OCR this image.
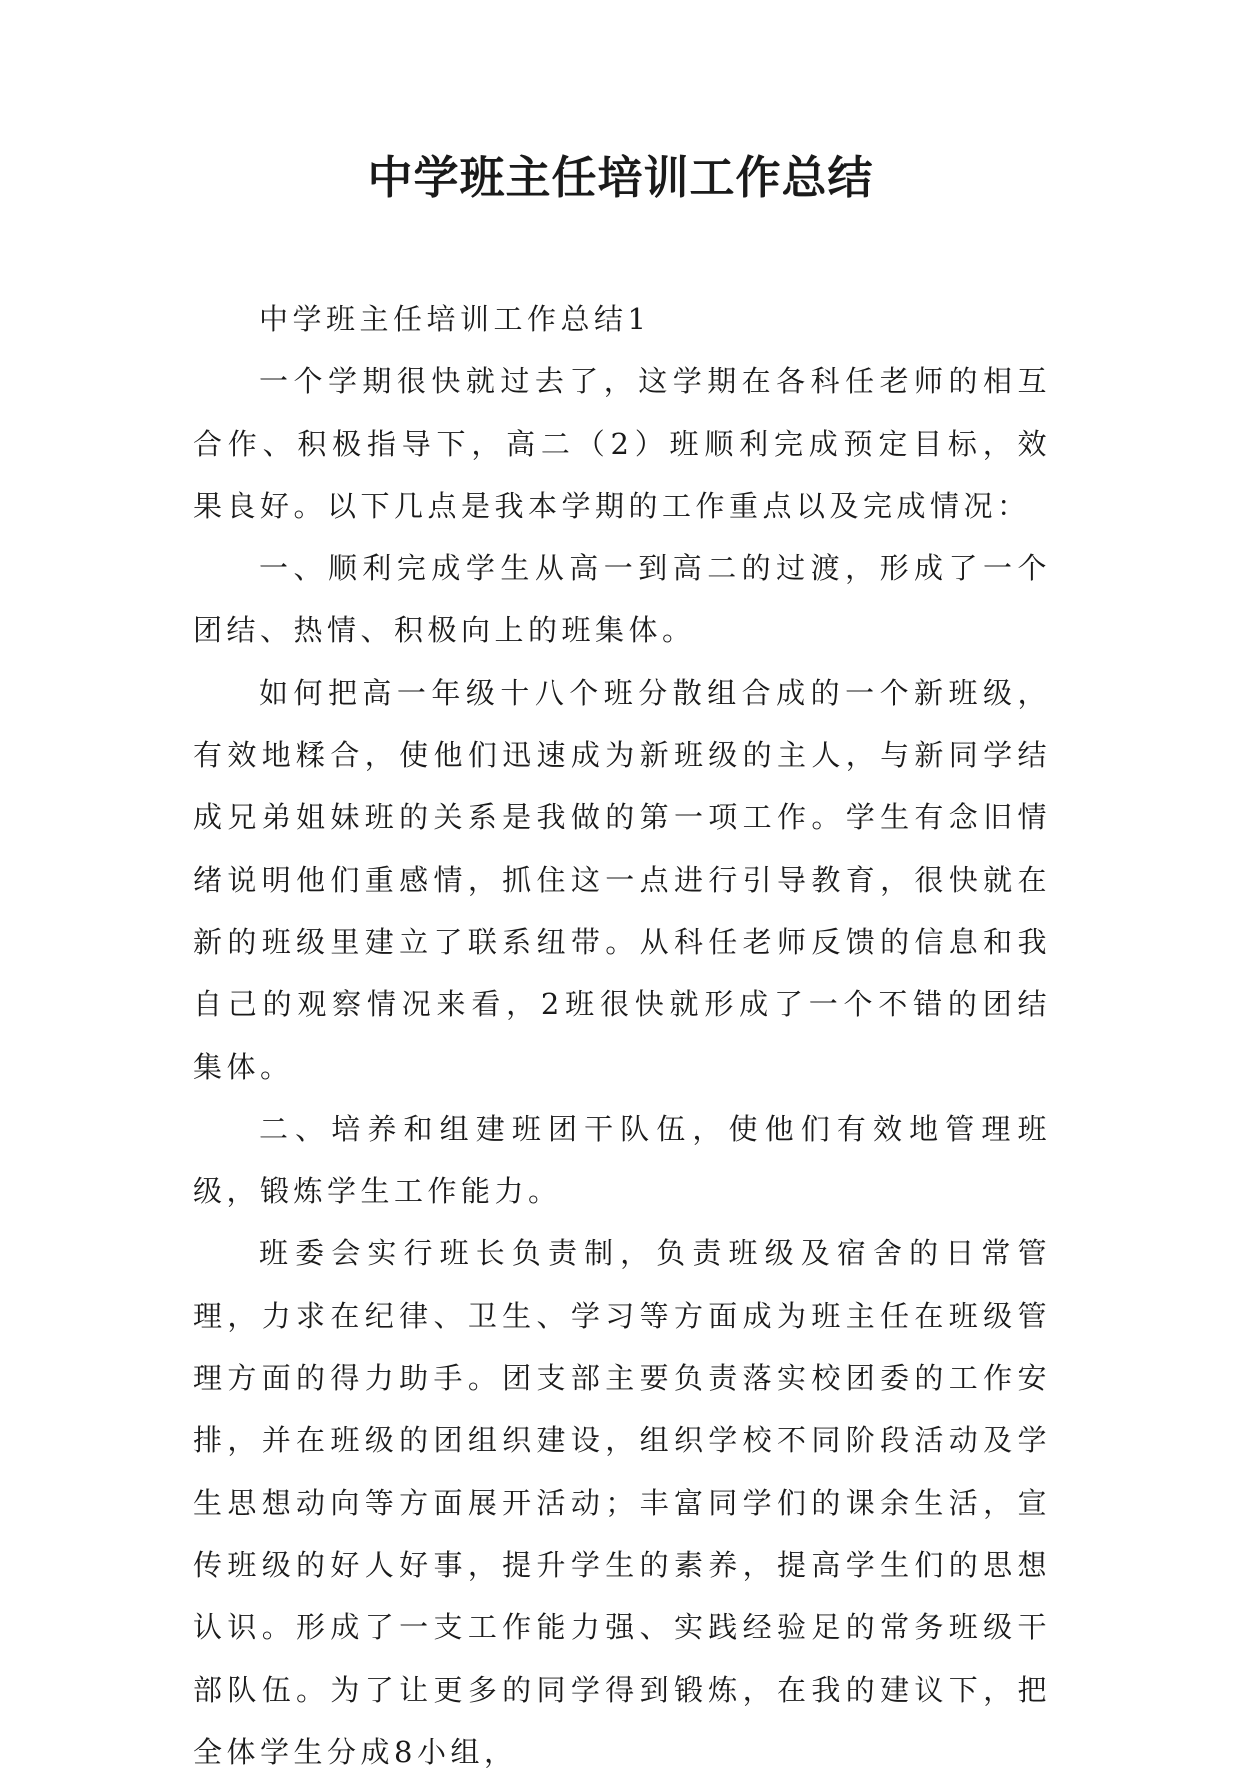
中学班主任培训工作总结

中学班主任培训工作总结1

一个学期很快就过去了，这学期在各科任老师的相互合作、积极指导下，高二（2）班顺利完成预定目标，效果良好。以下几点是我本学期的工作重点以及完成情况：

一、顺利完成学生从高一到高二的过渡，形成了一个团结、热情、积极向上的班集体。

如何把高一年级十八个班分散组合成的一个新班级，有效地糅合，使他们迅速成为新班级的主人，与新同学结成兄弟姐妹班的关系是我做的第一项工作。学生有念旧情绪说明他们重感情，抓住这一点进行引导教育，很快就在新的班级里建立了联系纽带。从科任老师反馈的信息和我自己的观察情况来看，2班很快就形成了一个不错的团结集体。

二、培养和组建班团干队伍，使他们有效地管理班级，锻炼学生工作能力。

班委会实行班长负责制，负责班级及宿舍的日常管理，力求在纪律、卫生、学习等方面成为班主任在班级管理方面的得力助手。团支部主要负责落实校团委的工作安排，并在班级的团组织建设，组织学校不同阶段活动及学生思想动向等方面展开活动；丰富同学们的课余生活，宣传班级的好人好事，提升学生的素养，提高学生们的思想认识。形成了一支工作能力强、实践经验足的常务班级干部队伍。为了让更多的同学得到锻炼，在我的建议下，把全体学生分成8小组，
